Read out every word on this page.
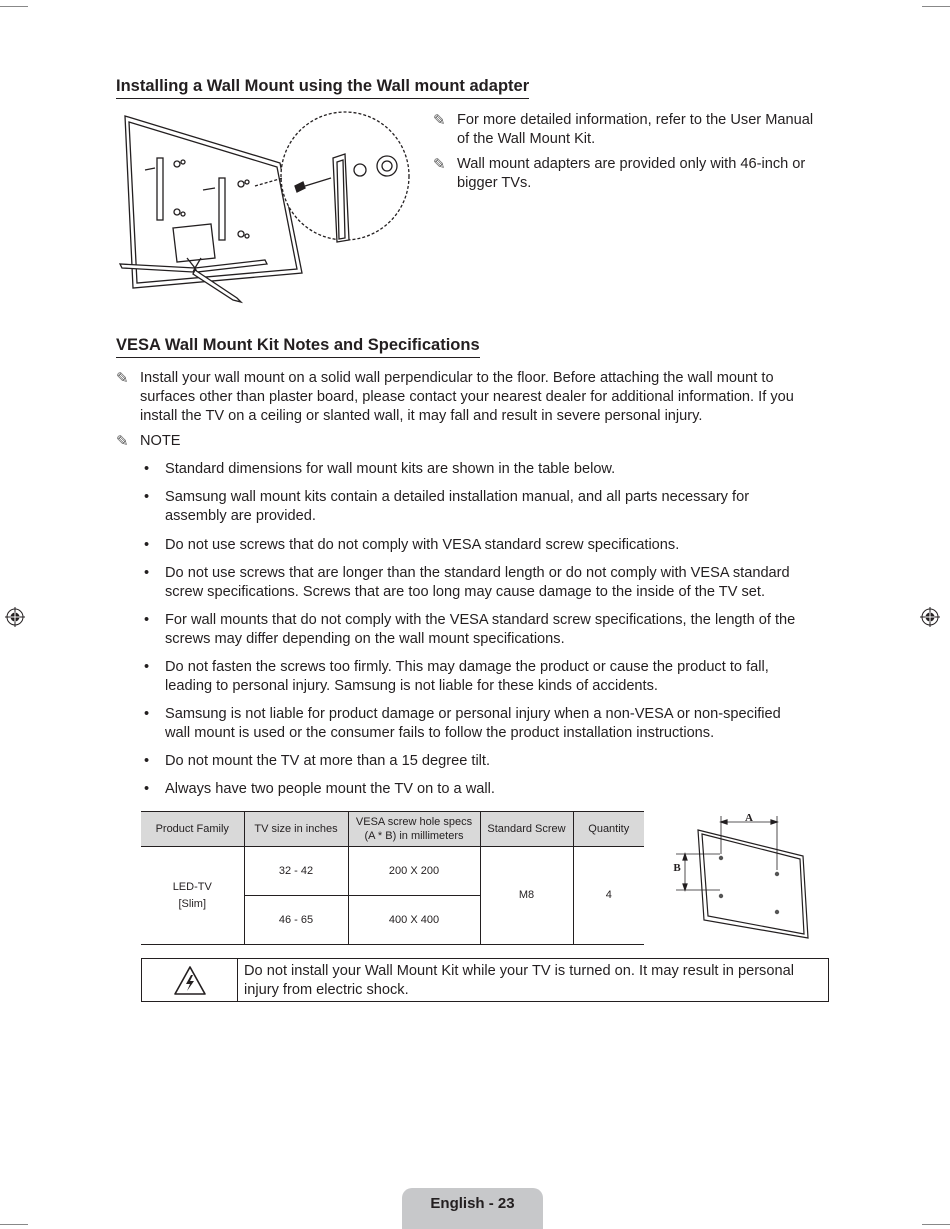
Installing a Wall Mount using the Wall mount adapter
✎ For more detailed information, refer to the User Manual
of the Wall Mount Kit.
✎ Wall mount adapters are provided only with 46-inch or
bigger TVs.
VESA Wall Mount Kit Notes and Specifications
✎ Install your wall mount on a solid wall perpendicular to the floor. Before attaching the wall mount to
surfaces other than plaster board, please contact your nearest dealer for additional information. If you
install the TV on a ceiling or slanted wall, it may fall and result in severe personal injury.
✎ NOTE
• Standard dimensions for wall mount kits are shown in the table below.
• Samsung wall mount kits contain a detailed installation manual, and all parts necessary for
assembly are provided.
• Do not use screws that do not comply with VESA standard screw specifications.
• Do not use screws that are longer than the standard length or do not comply with VESA standard
screw specifications. Screws that are too long may cause damage to the inside of the TV set.
• For wall mounts that do not comply with the VESA standard screw specifications, the length of the
screws may differ depending on the wall mount specifications.
• Do not fasten the screws too firmly. This may damage the product or cause the product to fall,
leading to personal injury. Samsung is not liable for these kinds of accidents.
• Samsung is not liable for product damage or personal injury when a non-VESA or non-specified
wall mount is used or the consumer fails to follow the product installation instructions.
• Do not mount the TV at more than a 15 degree tilt.
• Always have two people mount the TV on to a wall.
Product Family	TV size in inches	VESA screw hole specs
(A * B) in millimeters	Standard Screw	Quantity
LED-TV
[Slim]	32 - 42	200 X 200	M8	4
	46 - 65	400 X 400		
A
B
Do not install your Wall Mount Kit while your TV is turned on. It may result in personal
injury from electric shock.
English - 23
